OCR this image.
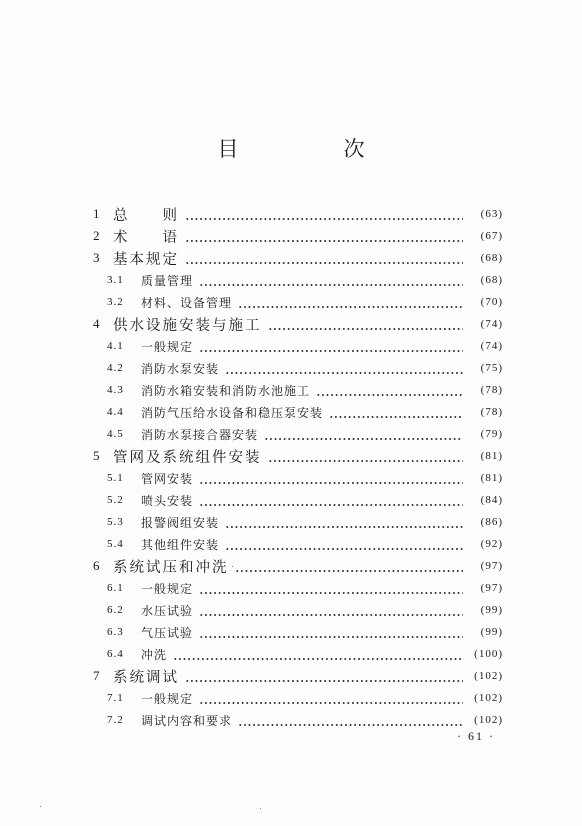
目　次
1 总　　则	(63)
2 术　　语	(67)
3 基本规定	(68)
3.1	质量管理	(68)
3.2	材料、设备管理	(70)
4 供水设施安装与施工	(74)
4.1	一般规定	(74)
4.2	消防水泵安装	(75)
4.3	消防水箱安装和消防水池施工	(78)
4.4	消防气压给水设备和稳压泵安装	(78)
4.5	消防水泵接合器安装	(79)
5 管网及系统组件安装	(81)
5.1	管网安装	(81)
5.2	喷头安装	(84)
5.3	报警阀组安装	(86)
5.4	其他组件安装	(92)
6 系统试压和冲洗	(97)
6.1	一般规定	(97)
6.2	水压试验	(99)
6.3	气压试验	(99)
6.4	冲洗	(100)
7 系统调试	(102)
7.1	一般规定	(102)
7.2	调试内容和要求	(102)
· 61 ·
